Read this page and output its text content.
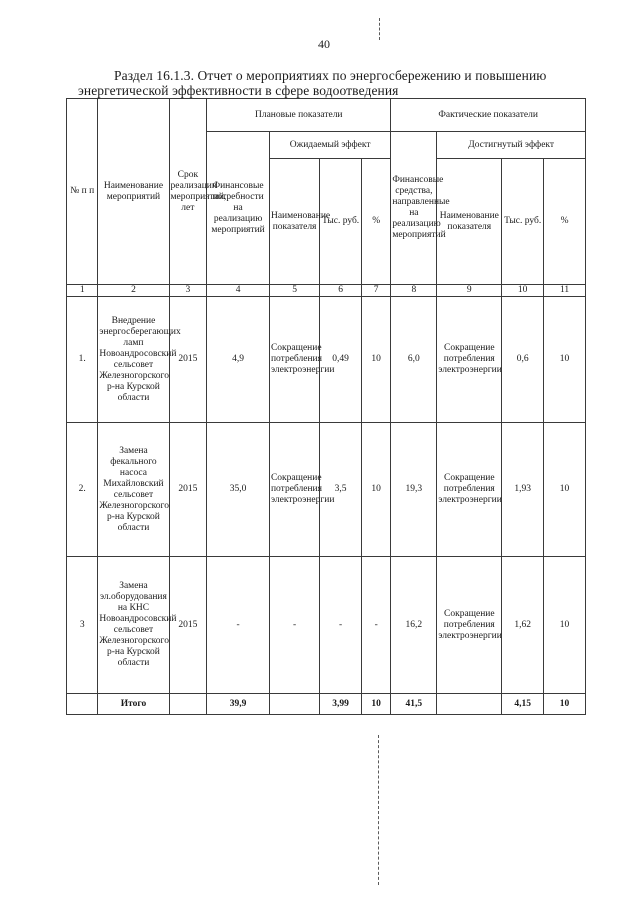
40
Раздел 16.1.3. Отчет о мероприятиях по энергосбережению и повышению
энергетической эффективности в сфере водоотведения
№ п п	Наименование мероприятий	Срок реализации мероприятий, лет	Плановые показатели				Фактические показатели			
			Финансовые потребности на реализацию мероприятий	Ожидаемый эффект			Финансовые средства, направленные на реализацию мероприятий	Достигнутый эффект		
				Наименование показателя	Тыс. руб.	%		Наименование показателя	Тыс. руб.	%
1	2	3	4	5	6	7	8	9	10	11
1.	Внедрение энергосберегающих ламп Новоандросовский сельсовет Железногорского р-на Курской области	2015	4,9	Сокращение потребления электроэнергии	0,49	10	6,0	Сокращение потребления электроэнергии	0,6	10
2.	Замена фекального насоса Михайловский сельсовет Железногорского р-на Курской области	2015	35,0	Сокращение потребления электроэнергии	3,5	10	19,3	Сокращение потребления электроэнергии	1,93	10
3	Замена эл.оборудования на КНС Новоандросовский сельсовет Железногорского р-на Курской области	2015	-	-	-	-	16,2	Сокращение потребления электроэнергии	1,62	10
	Итого		39,9		3,99	10	41,5		4,15	10
